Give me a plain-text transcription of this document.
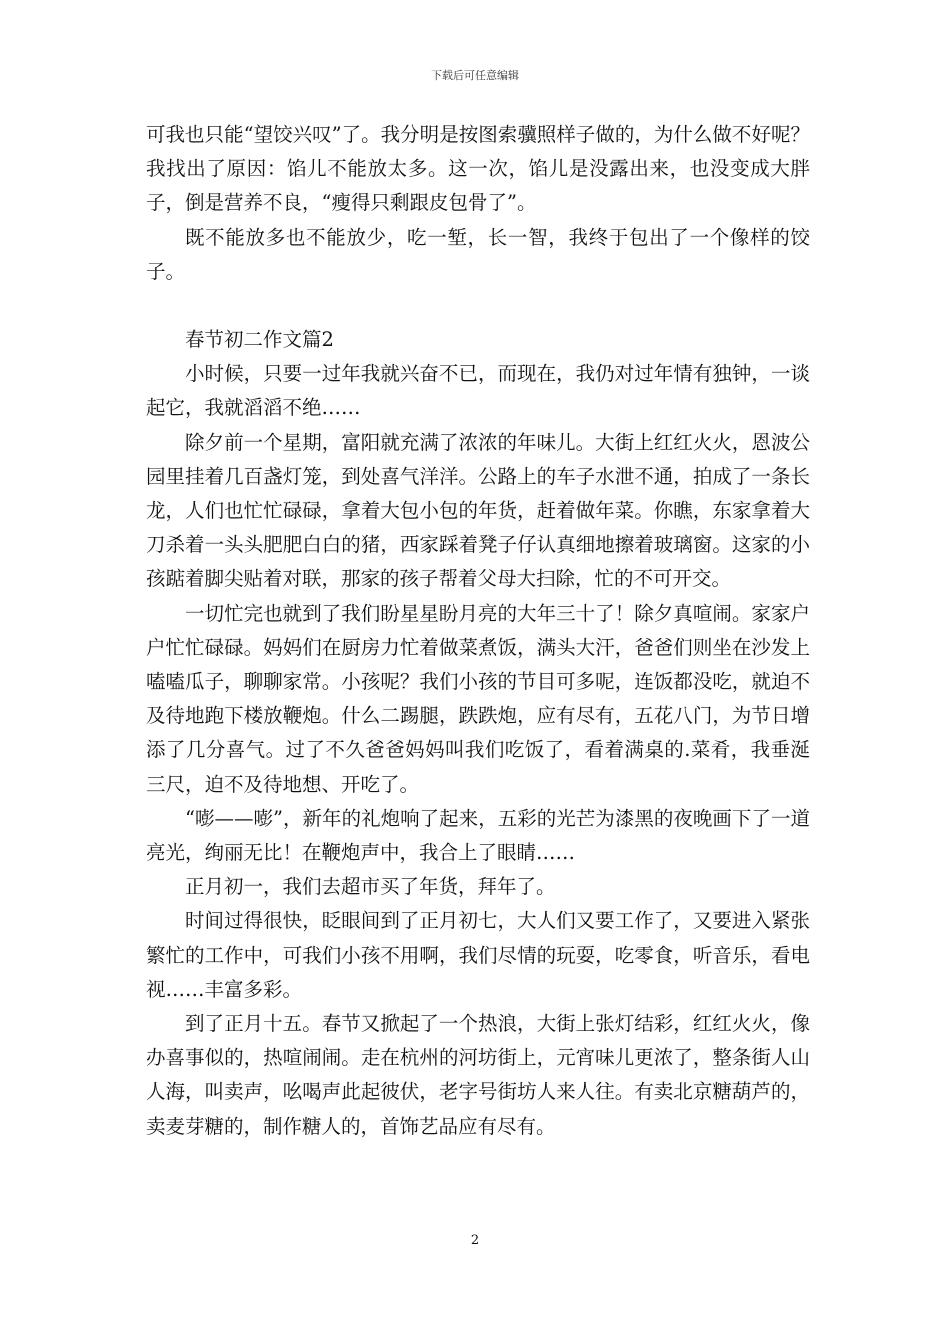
下载后可任意编辑

可我也只能“望饺兴叹”了。我分明是按图索骥照样子做的，为什么做不好呢？我找出了原因：馅儿不能放太多。这一次，馅儿是没露出来，也没变成大胖子，倒是营养不良，“瘦得只剩跟皮包骨了”。

既不能放多也不能放少，吃一堑，长一智，我终于包出了一个像样的饺子。

春节初二作文篇2

小时候，只要一过年我就兴奋不已，而现在，我仍对过年情有独钟，一谈起它，我就滔滔不绝……

除夕前一个星期，富阳就充满了浓浓的年味儿。大街上红红火火，恩波公园里挂着几百盏灯笼，到处喜气洋洋。公路上的车子水泄不通，拍成了一条长龙，人们也忙忙碌碌，拿着大包小包的年货，赶着做年菜。你瞧，东家拿着大刀杀着一头头肥肥白白的猪，西家踩着凳子仔认真细地擦着玻璃窗。这家的小孩踮着脚尖贴着对联，那家的孩子帮着父母大扫除，忙的不可开交。

一切忙完也就到了我们盼星星盼月亮的大年三十了！除夕真喧闹。家家户户忙忙碌碌。妈妈们在厨房力忙着做菜煮饭，满头大汗，爸爸们则坐在沙发上嗑嗑瓜子，聊聊家常。小孩呢？我们小孩的节目可多呢，连饭都没吃，就迫不及待地跑下楼放鞭炮。什么二踢腿，跌跌炮，应有尽有，五花八门，为节日增添了几分喜气。过了不久爸爸妈妈叫我们吃饭了，看着满桌的.菜肴，我垂涎三尺，迫不及待地想、开吃了。

“嘭——嘭”，新年的礼炮响了起来，五彩的光芒为漆黑的夜晚画下了一道亮光，绚丽无比！在鞭炮声中，我合上了眼睛……

正月初一，我们去超市买了年货，拜年了。

时间过得很快，眨眼间到了正月初七，大人们又要工作了，又要进入紧张繁忙的工作中，可我们小孩不用啊，我们尽情的玩耍，吃零食，听音乐，看电视……丰富多彩。

到了正月十五。春节又掀起了一个热浪，大街上张灯结彩，红红火火，像办喜事似的，热喧闹闹。走在杭州的河坊街上，元宵味儿更浓了，整条街人山人海，叫卖声，吆喝声此起彼伏，老字号街坊人来人往。有卖北京糖葫芦的，卖麦芽糖的，制作糖人的，首饰艺品应有尽有。

2
